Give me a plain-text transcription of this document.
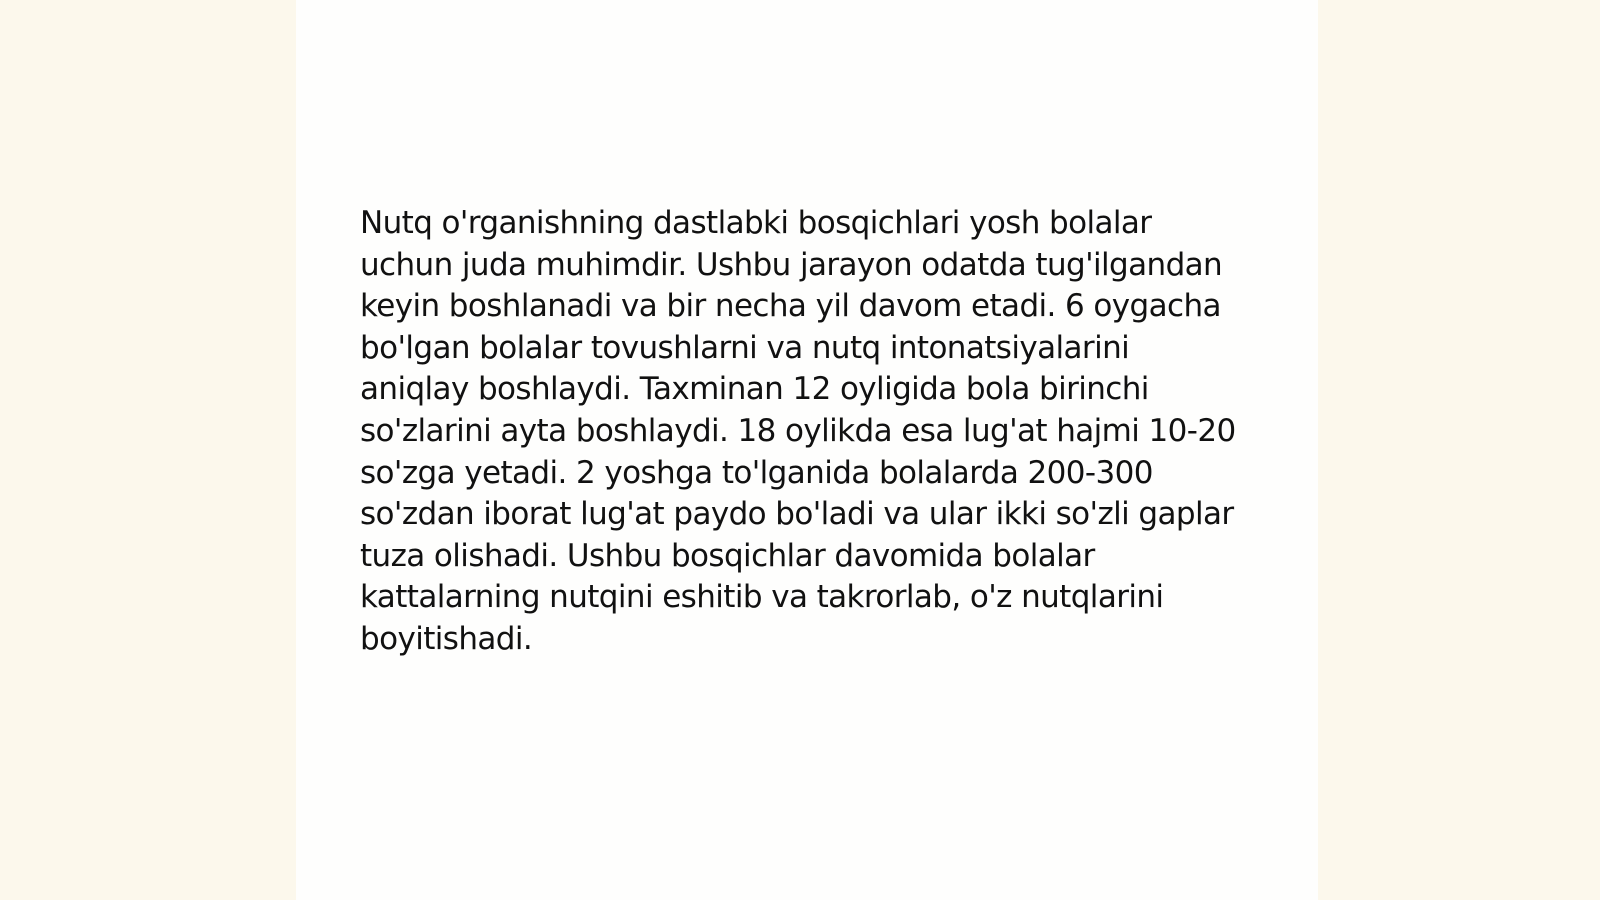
Nutq o'rganishning dastlabki bosqichlari yosh bolalar uchun juda muhimdir. Ushbu jarayon odatda tug'ilgandan keyin boshlanadi va bir necha yil davom etadi. 6 oygacha bo'lgan bolalar tovushlarni va nutq intonatsiyalarini aniqlay boshlaydi. Taxminan 12 oyligida bola birinchi so'zlarini ayta boshlaydi. 18 oylikda esa lug'at hajmi 10-20 so'zga yetadi. 2 yoshga to'lganida bolalarda 200-300 so'zdan iborat lug'at paydo bo'ladi va ular ikki so'zli gaplar tuza olishadi. Ushbu bosqichlar davomida bolalar kattalarning nutqini eshitib va takrorlab, o'z nutqlarini boyitishadi.
